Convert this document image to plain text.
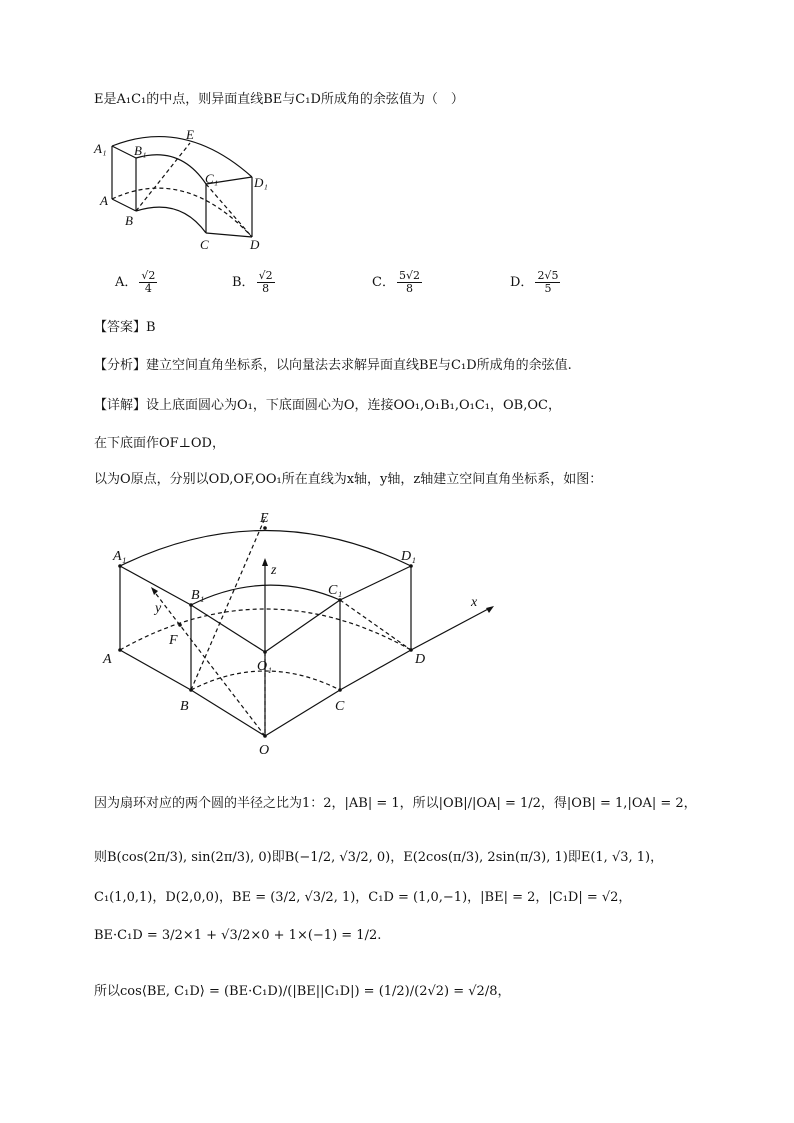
E是A₁C₁的中点，则异面直线BE与C₁D所成角的余弦值为（　）
A₁ B₁
C₁	D₁
A
B
C	D
E
A． $\frac{√2}{4}$	B． $\frac{√2}{8}$	C． $\frac{5√2}{8}$	D． $\frac{2√5}{5}$
【答案】B
【分析】建立空间直角坐标系，以向量法去求解异面直线BE与C₁D所成角的余弦值.
【详解】设上底面圆心为O₁，下底面圆心为O，连接OO₁,O₁B₁,O₁C₁，OB,OC，
在下底面作OF⊥OD，
以为O原点，分别以OD,OF,OO₁所在直线为x轴，y轴，z轴建立空间直角坐标系，如图：
A₁	D₁
B₁	C₁
A
B	C
D
E
O
O₁
F
x
y
z
因为扇环对应的两个圆的半径之比为1：2，|AB| = 1，所以|OB|/|OA| = 1/2，得|OB| = 1,|OA| = 2，
则B(cos(2π/3), sin(2π/3), 0)即B(−1/2, √3/2, 0)，E(2cos(π/3), 2sin(π/3), 1)即E(1, √3, 1)，
C₁(1,0,1)，D(2,0,0)，BE = (3/2, √3/2, 1)，C₁D = (1,0,−1)，|BE| = 2，|C₁D| = √2，
BE·C₁D = 3/2×1 + √3/2×0 + 1×(−1) = 1/2.
所以cos⟨BE, C₁D⟩ = (BE·C₁D)/(|BE||C₁D|) = (1/2)/(2√2) = √2/8，
